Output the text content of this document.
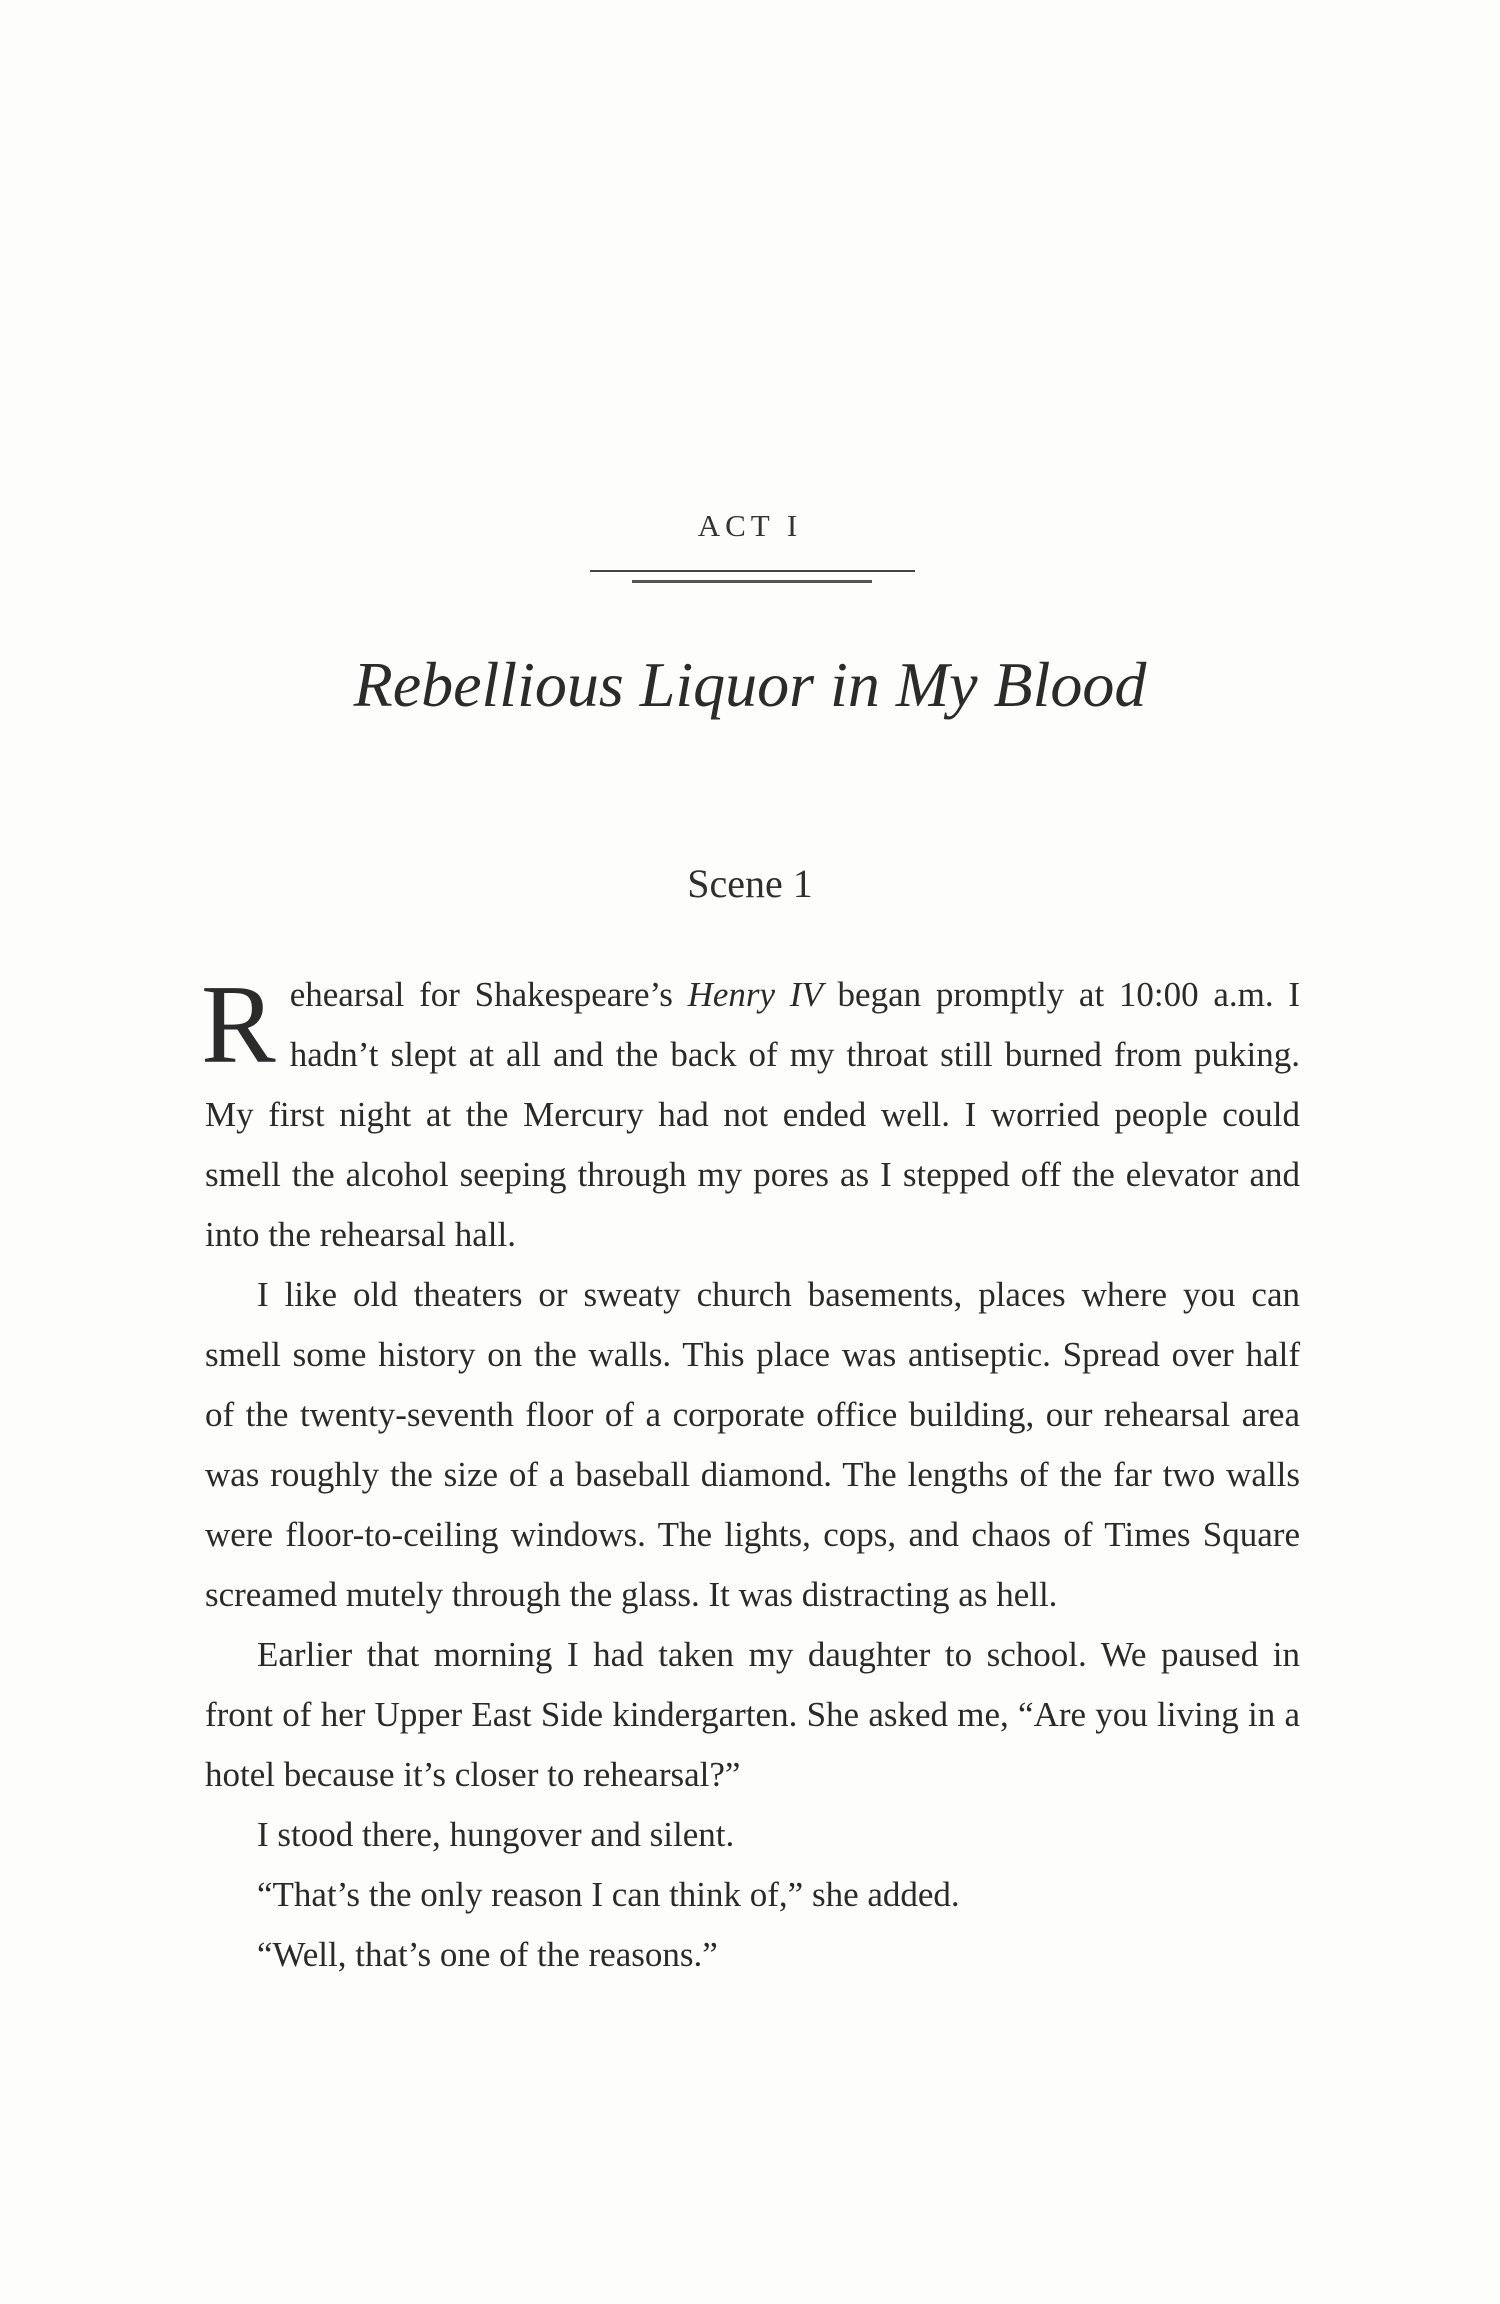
ACT I
Rebellious Liquor in My Blood
Scene 1

Rehearsal for Shakespeare’s Henry IV began promptly at 10:00 a.m. I hadn’t slept at all and the back of my throat still burned from puking. My first night at the Mercury had not ended well. I worried people could smell the alcohol seeping through my pores as I stepped off the elevator and into the rehearsal hall.

I like old theaters or sweaty church basements, places where you can smell some history on the walls. This place was antiseptic. Spread over half of the twenty-seventh floor of a corporate office building, our rehearsal area was roughly the size of a baseball diamond. The lengths of the far two walls were floor-to-ceiling windows. The lights, cops, and chaos of Times Square screamed mutely through the glass. It was distracting as hell.

Earlier that morning I had taken my daughter to school. We paused in front of her Upper East Side kindergarten. She asked me, “Are you living in a hotel because it’s closer to rehearsal?”

I stood there, hungover and silent.

“That’s the only reason I can think of,” she added.

“Well, that’s one of the reasons.”
